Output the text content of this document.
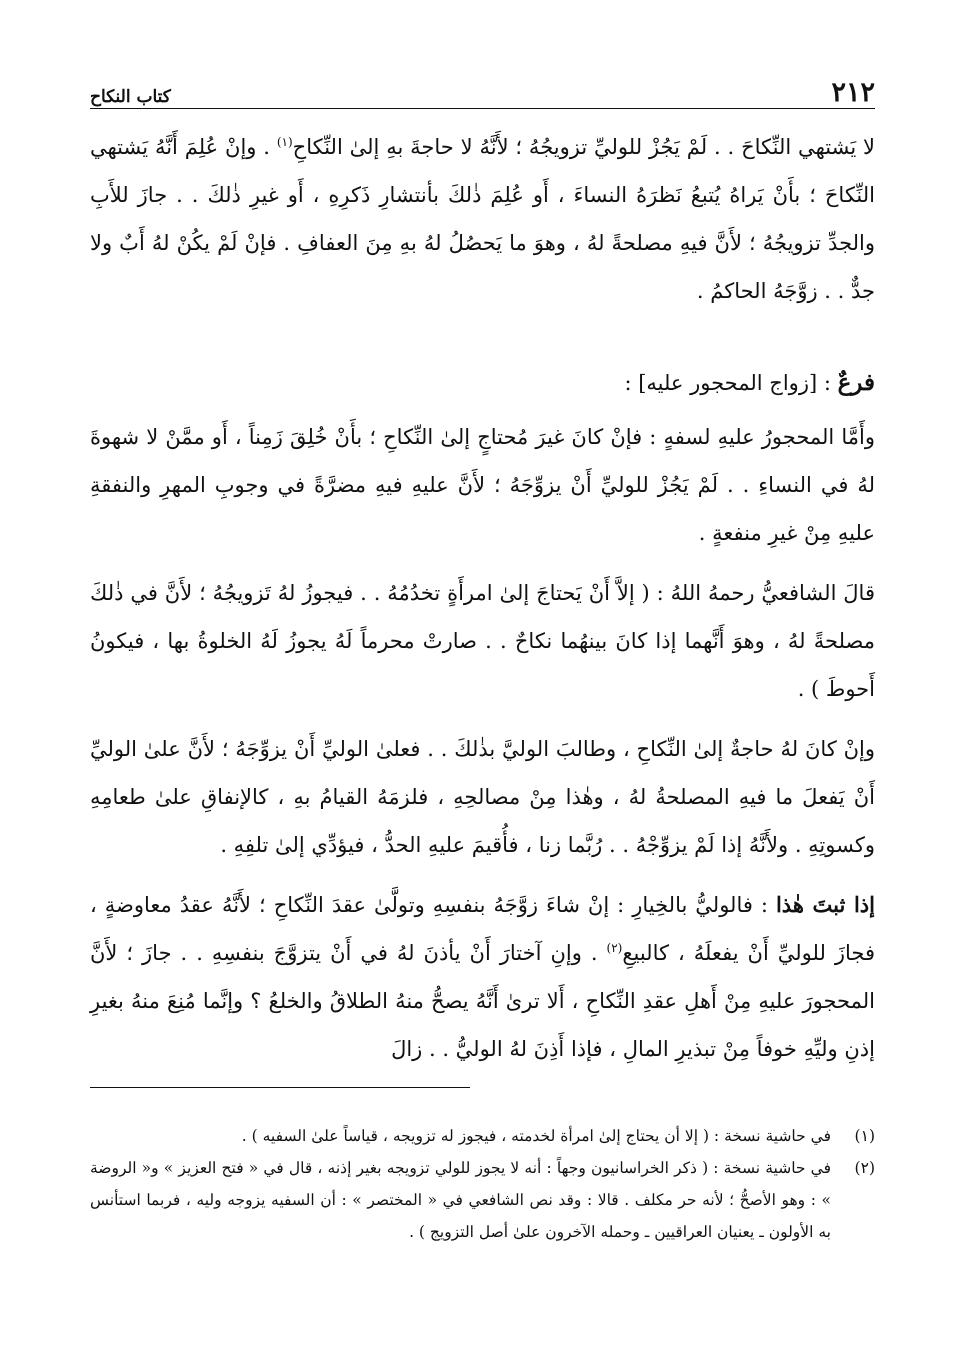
٢١٢
كتاب النكاح

لا يَشتهي النِّكاحَ . . لَمْ يَجُزْ للوليِّ تزويجُهُ ؛ لأَنَّهُ لا حاجةَ بهِ إلىٰ النِّكاحِ$^{(١)}$ . وإنْ عُلِمَ أَنَّهُ يَشتهي النِّكاحَ ؛ بأَنْ يَراهُ يُتبعُ نَظرَهُ النساءَ ، أَو عُلِمَ ذٰلكَ بأنتشارِ ذَكرِهِ ، أَو غيرِ ذٰلكَ . . جازَ للأَبِ والجدِّ تزويجُهُ ؛ لأَنَّ فيهِ مصلحةً لهُ ، وهوَ ما يَحصُلُ لهُ بهِ مِنَ العفافِ . فإنْ لَمْ يكُنْ لهُ أَبٌ ولا جدٌّ . . زوَّجَهُ الحاكمُ .

فرعٌ : [زواج المحجور عليه] :

وأَمَّا المحجورُ عليهِ لسفهٍ : فإنْ كانَ غيرَ مُحتاجٍ إلىٰ النِّكاحِ ؛ بأَنْ خُلِقَ زَمِناً ، أَو ممَّنْ لا شهوةَ لهُ في النساءِ . . لَمْ يَجُزْ للوليِّ أَنْ يزوِّجَهُ ؛ لأَنَّ عليهِ فيهِ مضرَّةً في وجوبِ المهرِ والنفقةِ عليهِ مِنْ غيرِ منفعةٍ .

قالَ الشافعيُّ رحمهُ اللهُ : ( إلاَّ أَنْ يَحتاجَ إلىٰ امرأَةٍ تخدُمُهُ . . فيجوزُ لهُ تَزويجُهُ ؛ لأَنَّ في ذٰلكَ مصلحةً لهُ ، وهوَ أَنَّهما إذا كانَ بينهُما نكاحٌ . . صارتْ محرماً لَهُ يجوزُ لَهُ الخلوةُ بها ، فيكونُ أَحوطَ ) .

وإنْ كانَ لهُ حاجةٌ إلىٰ النِّكاحِ ، وطالبَ الوليَّ بذٰلكَ . . فعلىٰ الوليِّ أَنْ يزوِّجَهُ ؛ لأَنَّ علىٰ الوليِّ أَنْ يَفعلَ ما فيهِ المصلحةُ لهُ ، وهٰذا مِنْ مصالحِهِ ، فلزمَهُ القيامُ بهِ ، كالإنفاقِ علىٰ طعامِهِ وكسوتِهِ . ولأَنَّهُ إذا لَمْ يزوِّجْهُ . . رُبَّما زنا ، فأُقيمَ عليهِ الحدُّ ، فيؤدِّي إلىٰ تلفِهِ .

إذا ثبتَ هٰذا : فالوليُّ بالخِيارِ : إنْ شاءَ زوَّجَهُ بنفسِهِ وتولَّىٰ عقدَ النِّكاحِ ؛ لأَنَّهُ عقدُ معاوضةٍ ، فجازَ للوليِّ أَنْ يفعلَهُ ، كالبيعِ$^{(٢)}$ . وإنِ آختارَ أَنْ يأذنَ لهُ في أَنْ يتزوَّجَ بنفسِهِ . . جازَ ؛ لأَنَّ المحجورَ عليهِ مِنْ أَهلِ عقدِ النِّكاحِ ، أَلا ترىٰ أَنَّهُ يصحُّ منهُ الطلاقُ والخلعُ ؟ وإنَّما مُنِعَ منهُ بغيرِ إذنِ وليِّهِ خوفاً مِنْ تبذيرِ المالِ ، فإذا أَذِنَ لهُ الوليُّ . . زالَ

(١)
في حاشية نسخة : ( إلا أن يحتاج إلىٰ امرأة لخدمته ، فيجوز له تزويجه ، قياساً علىٰ السفيه ) .
(٢)
في حاشية نسخة : ( ذكر الخراسانيون وجهاً : أنه لا يجوز للولي تزويجه بغير إذنه ، قال في « فتح العزيز » و« الروضة » : وهو الأصحُّ ؛ لأنه حر مكلف . قالا : وقد نص الشافعي في « المختصر » : أن السفيه يزوجه وليه ، فربما استأنس به الأولون ـ يعنيان العراقيين ـ وحمله الآخرون علىٰ أصل التزويج ) .
